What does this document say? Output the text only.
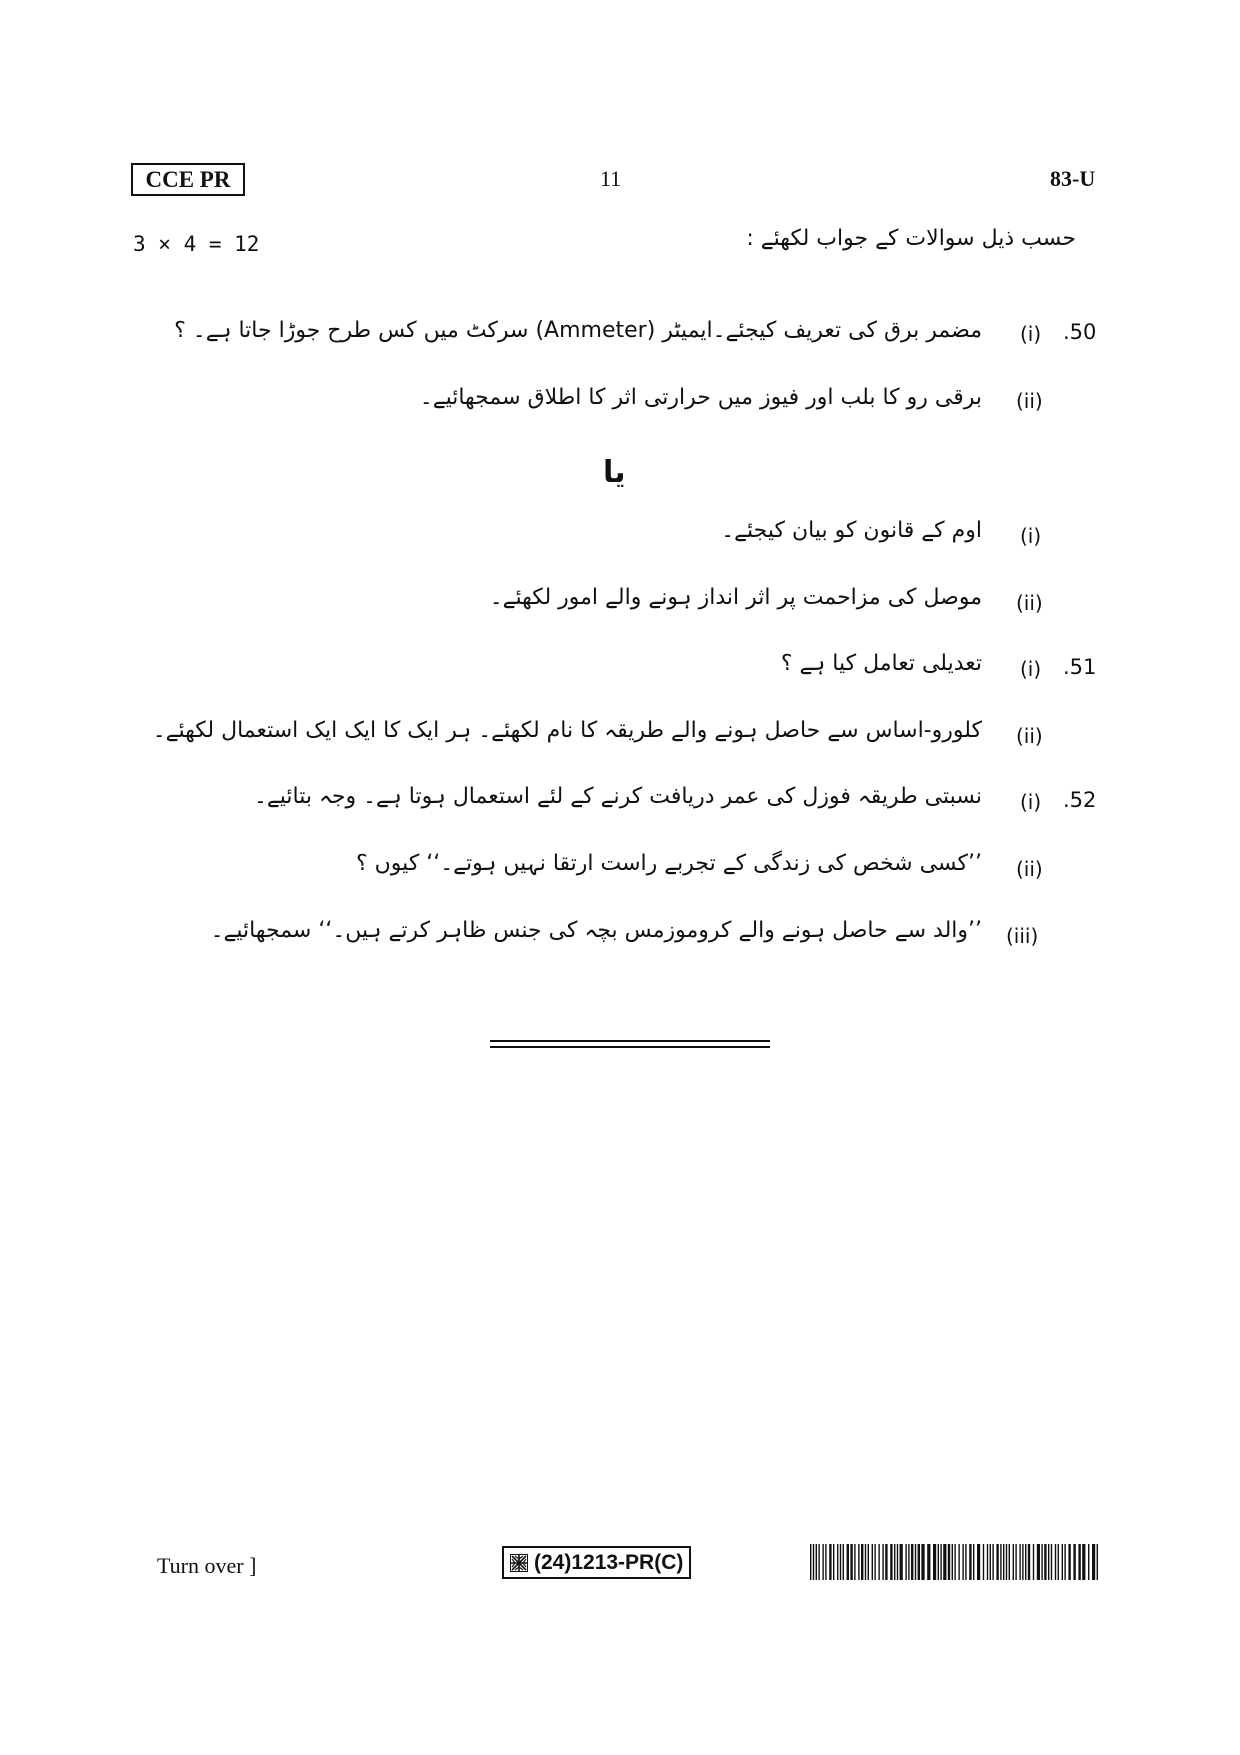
CCE PR	11	83-U
3 × 4 = 12	حسب ذیل سوالات کے جواب لکھئے :
.50
(i)
مضمر برق کی تعریف کیجئے۔ایمیٹر (Ammeter) سرکٹ میں کس طرح جوڑا جاتا ہے۔ ؟
(ii)
برقی رو کا بلب اور فیوز میں حرارتی اثر کا اطلاق سمجھائیے۔
یا
(i)
اوم کے قانون کو بیان کیجئے۔
(ii)
موصل کی مزاحمت پر اثر انداز ہونے والے امور لکھئے۔
.51
(i)
تعدیلی تعامل کیا ہے ؟
(ii)
کلورو-اساس سے حاصل ہونے والے طریقہ کا نام لکھئے۔ ہر ایک کا ایک ایک استعمال لکھئے۔
.52
(i)
نسبتی طریقہ فوزل کی عمر دریافت کرنے کے لئے استعمال ہوتا ہے۔ وجہ بتائیے۔
(ii)
’’کسی شخص کی زندگی کے تجربے راست ارتقا نہیں ہوتے۔‘‘ کیوں ؟
(iii)
’’والد سے حاصل ہونے والے کروموزمس بچہ کی جنس ظاہر کرتے ہیں۔‘‘ سمجھائیے۔
Turn over ]	(24)1213-PR(C)
